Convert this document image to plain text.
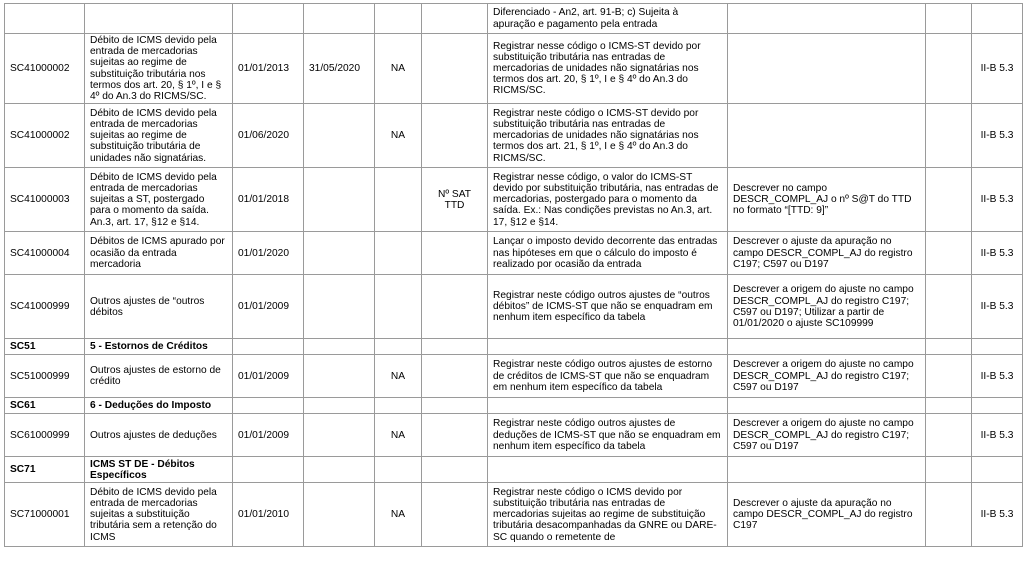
						Diferenciado - An2, art. 91-B; c) Sujeita à apuração e pagamento pela entrada			
SC41000002	Débito de ICMS devido pela entrada de mercadorias sujeitas ao regime de substituição tributária nos termos dos art. 20, § 1º, I e § 4º do An.3 do RICMS/SC.	01/01/2013	31/05/2020	NA		Registrar nesse código o ICMS-ST devido por substituição tributária nas entradas de mercadorias de unidades não signatárias nos termos dos art. 20, § 1º, I e § 4º do An.3 do RICMS/SC.			II-B 5.3
SC41000002	Débito de ICMS devido pela entrada de mercadorias sujeitas ao regime de substituição tributária de unidades não signatárias.	01/06/2020		NA		Registrar neste código o ICMS-ST devido por substituição tributária nas entradas de mercadorias de unidades não signatárias nos termos dos art. 21, § 1º, I e § 4º do An.3 do RICMS/SC.			II-B 5.3
SC41000003	Débito de ICMS devido pela entrada de mercadorias sujeitas a ST, postergado para o momento da saída. An.3, art. 17, §12 e §14.	01/01/2018			Nº SAT TTD	Registrar nesse código, o valor do ICMS-ST devido por substituição tributária, nas entradas de mercadorias, postergado para o momento da saída. Ex.: Nas condições previstas no An.3, art. 17, §12 e §14.	Descrever no campo DESCR_COMPL_AJ o nº S@T do TTD no formato “[TTD: 9]”		II-B 5.3
SC41000004	Débitos de ICMS apurado por ocasião da entrada mercadoria	01/01/2020				Lançar o imposto devido decorrente das entradas nas hipóteses em que o cálculo do imposto é realizado por ocasião da entrada	Descrever o ajuste da apuração no campo DESCR_COMPL_AJ do registro C197; C597 ou D197		II-B 5.3
SC41000999	Outros ajustes de “outros débitos	01/01/2009				Registrar neste código outros ajustes de “outros débitos” de ICMS-ST que não se enquadram em nenhum item específico da tabela	Descrever a origem do ajuste no campo DESCR_COMPL_AJ do registro C197; C597 ou D197; Utilizar a partir de 01/01/2020 o ajuste SC109999		II-B 5.3
SC51	5 - Estornos de Créditos								
SC51000999	Outros ajustes de estorno de crédito	01/01/2009		NA		Registrar neste código outros ajustes de estorno de créditos de ICMS-ST que não se enquadram em nenhum item específico da tabela	Descrever a origem do ajuste no campo DESCR_COMPL_AJ do registro C197; C597 ou D197		II-B 5.3
SC61	6 - Deduções do Imposto								
SC61000999	Outros ajustes de deduções	01/01/2009		NA		Registrar neste código outros ajustes de deduções de ICMS-ST que não se enquadram em nenhum item específico da tabela	Descrever a origem do ajuste no campo DESCR_COMPL_AJ do registro C197; C597 ou D197		II-B 5.3
SC71	ICMS ST DE - Débitos Específicos								
SC71000001	Débito de ICMS devido pela entrada de mercadorias sujeitas a substituição tributária sem a retenção do ICMS	01/01/2010		NA		Registrar neste código o ICMS devido por substituição tributária nas entradas de mercadorias sujeitas ao regime de substituição tributária desacompanhadas da GNRE ou DARE-SC quando o remetente de	Descrever o ajuste da apuração no campo DESCR_COMPL_AJ do registro C197		II-B 5.3
